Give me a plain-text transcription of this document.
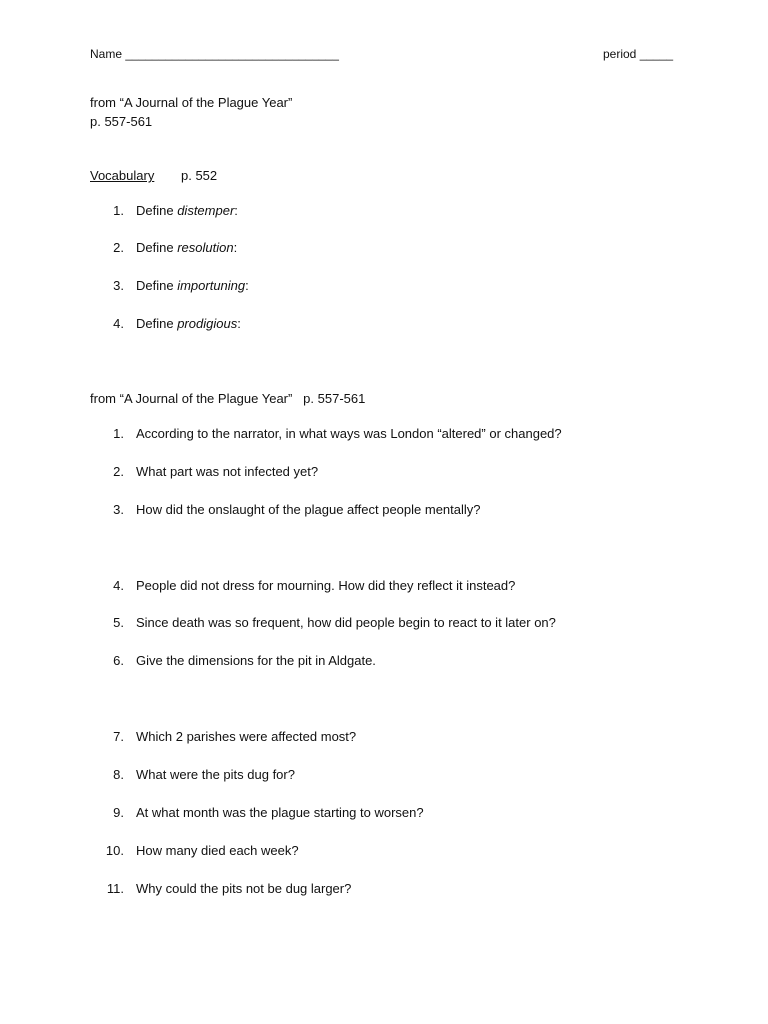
Name ________________________________	period _____
from “A Journal of the Plague Year”
p. 557-561
Vocabulary p. 552
1. Define distemper:
2. Define resolution:
3. Define importuning:
4. Define prodigious:
from “A Journal of the Plague Year”   p. 557-561
1. According to the narrator, in what ways was London “altered” or changed?
2. What part was not infected yet?
3. How did the onslaught of the plague affect people mentally?
4. People did not dress for mourning. How did they reflect it instead?
5. Since death was so frequent, how did people begin to react to it later on?
6. Give the dimensions for the pit in Aldgate.
7. Which 2 parishes were affected most?
8. What were the pits dug for?
9. At what month was the plague starting to worsen?
10. How many died each week?
11. Why could the pits not be dug larger?
